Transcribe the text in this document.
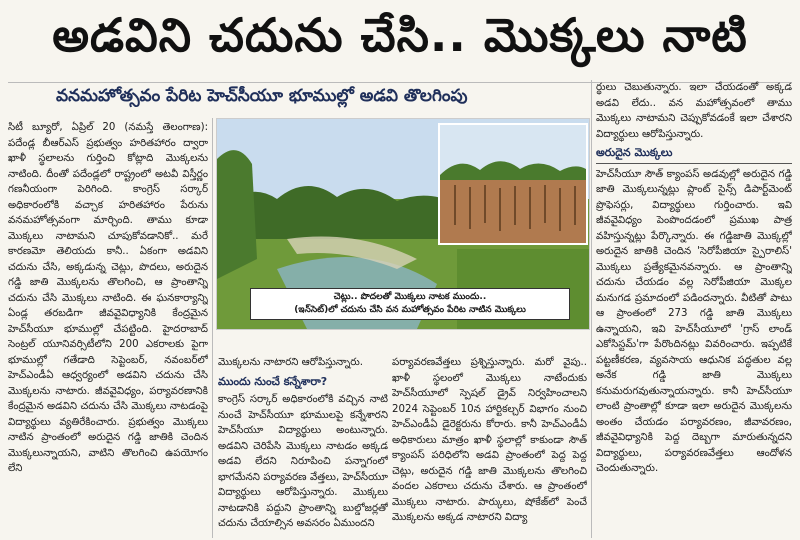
అడవిని చదును చేసి.. మొక్కలు నాటి
వనమహోత్సవం పేరిట హెచ్‌సీయూ భూముల్లో అడవి తొలగింపు

సిటీ బ్యూరో, ఏప్రిల్ 20 (నమస్తే తెలంగాణ): పదేండ్ల బీఆర్‌ఎస్ ప్రభుత్వం హరితహారం ద్వారా ఖాళీ స్థలాలను గుర్తించి కోట్లాది మొక్కలను నాటింది. దీంతో పదేండ్లలో రాష్ట్రంలో అటవీ విస్తీర్ణం గణనీయంగా పెరిగింది. కాంగ్రెస్ సర్కార్ అధికారంలోకి వచ్చాక హరితహారం పేరును వనమహోత్సవంగా మార్చింది. తాము కూడా మొక్కలు నాటామని చూపుకోవడానికో.. మరే కారణమో తెలియదు కానీ.. ఏకంగా అడవిని చదును చేసి, అక్కడున్న చెట్లు, పొదలు, అరుదైన గడ్డి జాతి మొక్కలను తొలగించి, ఆ ప్రాంతాన్ని చదును చేసి మొక్కలు నాటింది. ఈ ఘనకార్యాన్ని ఏండ్ల తరబడిగా జీవవైవిధ్యానికి కేంద్రమైన హెచ్‌సీయూ భూముల్లో చేపట్టింది. హైదరాబాద్ సెంట్రల్ యూనివర్సిటీలోని 200 ఎకరాలకు పైగా భూముల్లో గతేడాది సెప్టెంబర్, నవంబర్‌లో హెచ్‌ఎండీఏ ఆధ్వర్యంలో అడవిని చదును చేసి మొక్కలను నాటారు. జీవవైవిధ్యం, పర్యావరణానికి కేంద్రమైన అడవిని చదును చేసి మొక్కలు నాటడంపై విద్యార్థులు వ్యతిరేకించారు. ప్రభుత్వం మొక్కలు నాటిన ప్రాంతంలో అరుదైన గడ్డి జాతికి చెందిన మొక్కలున్నాయని, వాటిని తొలగించి ఉపయోగం లేని

చెట్లు.. పొదలతో మొక్కలు నాటక ముందు..
(ఇన్‌సెట్)లో చదును చేసి వన మహోత్సవం పేరిట నాటిన మొక్కలు

మొక్కలను నాటారని ఆరోపిస్తున్నారు.

ముందు నుంచే కన్నేశారా?

కాంగ్రెస్ సర్కార్ అధికారంలోకి వచ్చిన నాటి నుంచే హెచ్‌సీయూ భూములపై కన్నేశారని హెచ్‌సీయూ విద్యార్థులు అంటున్నారు. అడవిని చెరిపేసి మొక్కలు నాటడం అక్కడ అడవి లేదని నిరూపించి పన్నాగంలో భాగమేనని పర్యావరణ వేత్తలు, హెచ్‌సీయూ విద్యార్థులు ఆరోపిస్తున్నారు. మొక్కలు నాటడానికి పద్దుని ప్రాంతాన్ని బుల్డోజర్లతో చదును చేయాల్సిన అవసరం ఏముందని

పర్యావరణవేత్తలు ప్రశ్నిస్తున్నారు. మరో వైపు.. ఖాళీ స్థలంలో మొక్కలు నాటేందుకు హెచ్‌సీయూలో స్పెషల్ డ్రైవ్ నిర్వహించాలని 2024 సెప్టెంబర్ 10న హార్టికల్చర్ విభాగం నుంచి హెచ్‌ఎండీఏ డైరెక్టరును కోరారు. కానీ హెచ్‌ఎండీఏ అధికారులు మాత్రం ఖాళీ స్థలాల్లో కాకుండా సౌత్ క్యాంపస్ పరిధిలోని అడవి ప్రాంతంలో పెద్ద పెద్ద చెట్లు, అరుదైన గడ్డి జాతి మొక్కలను తొలగించి వందల ఎకరాలు చదును చేశారు. ఆ ప్రాంతంలో మొక్కలు నాటారు. పార్కులు, షోకేజ్‌లో పెంచే మొక్కలను అక్కడ నాటారని విద్యా

ర్థులు చెబుతున్నారు. ఇలా చేయడంతో అక్కడ అడవి లేదు.. వన మహోత్సవంలో తాము మొక్కలు నాటామని చెప్పుకోవడంకే ఇలా చేశారని విద్యార్థులు ఆరోపిస్తున్నారు.

అరుదైన మొక్కలు

హెచ్‌సీయూ సౌత్ క్యాంపస్ అడవుల్లో అరుదైన గడ్డి జాతి మొక్కలున్నట్లు ప్లాంట్ సైన్స్ డిపార్ట్‌మెంట్ ప్రొఫెసర్లు, విద్యార్థులు గుర్తించారు. ఇవి జీవవైవిధ్యం పెంపొందడంలో ప్రముఖ పాత్ర వహిస్తున్నట్లు పేర్కొన్నారు. ఈ గడ్డిజాతి మొక్కల్లో అరుదైన జాతికి చెందిన 'సెరోపీజియా స్పైరాలిస్' మొక్కలు ప్రత్యేకమైనవన్నారు. ఆ ప్రాంతాన్ని చదును చేయడం వల్ల సెరోపీజియా మొక్కల మనుగడ ప్రమాదంలో పడిందన్నారు. వీటితో పాటు ఆ ప్రాంతంలో 273 గడ్డి జాతి మొక్కలు ఉన్నాయని, ఇవి హెచ్‌సీయూలో 'గ్రాస్ లాండ్ ఎకోసిస్టమ్'గా పేరొందినట్లు వివరించారు. ఇప్పటికే పట్టణీకరణ, వ్యవసాయ ఆధునిక పద్ధతుల వల్ల అనేక గడ్డి జాతి మొక్కలు కనుమరుగవుతున్నాయన్నారు. కానీ హెచ్‌సీయూ లాంటి ప్రాంతాల్లో కూడా ఇలా అరుదైన మొక్కలను అంతం చేయడం పర్యావరణం, జీవావరణం, జీవవైవిధ్యానికి పెద్ద దెబ్బగా మారుతున్నదని విద్యార్థులు, పర్యావరణవేత్తలు ఆందోళన చెందుతున్నారు.
